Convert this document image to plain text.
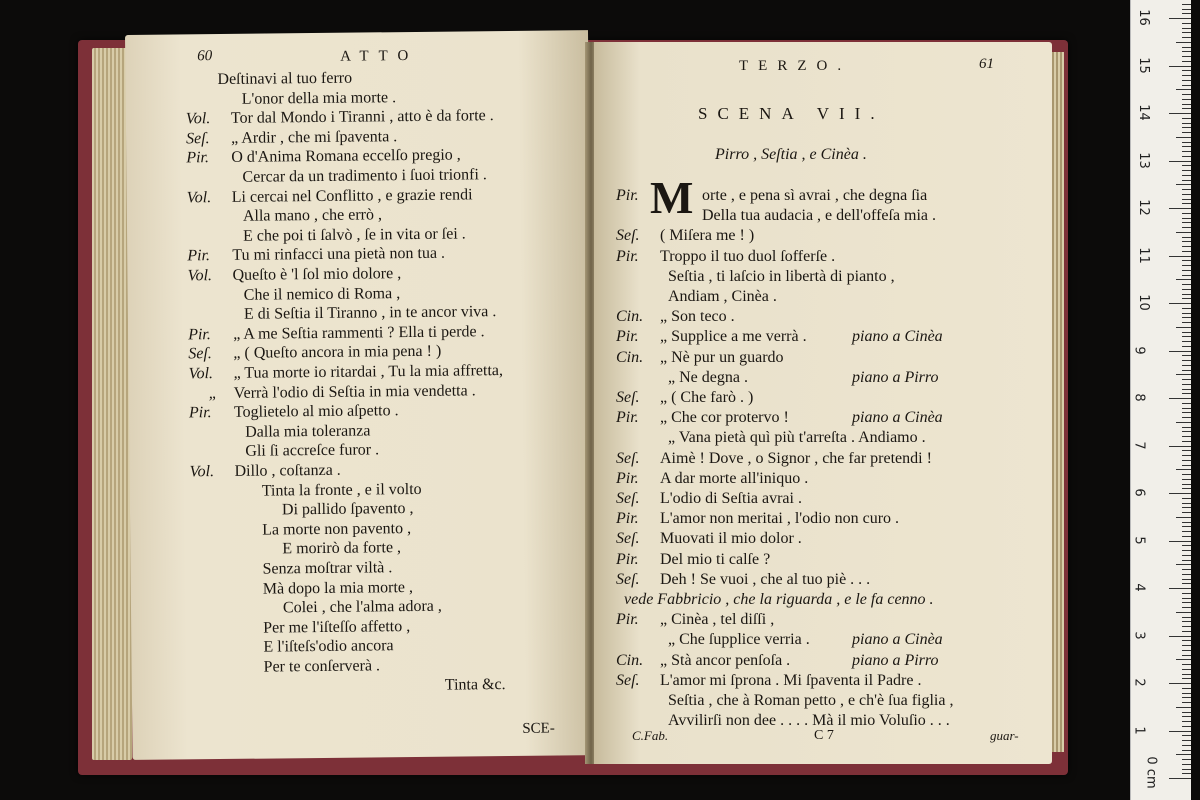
60	ATTO
Deſtinavi al tuo ferro
L'onor della mia morte .
Vol. Tor dal Mondo i Tiranni , atto è da forte .
Seſ. „ Ardir , che mi ſpaventa .
Pir. O d'Anima Romana eccelſo pregio ,
Cercar da un tradimento i ſuoi trionfi .
Vol. Li cercai nel Conflitto , e grazie rendi
Alla mano , che errò ,
E che poi ti ſalvò , ſe in vita or ſei .
Pir. Tu mi rinfacci una pietà non tua .
Vol. Queſto è 'l ſol mio dolore ,
Che il nemico di Roma ,
E di Seſtia il Tiranno , in te ancor viva .
Pir. „ A me Seſtia rammenti ? Ella ti perde .
Seſ. „ ( Queſto ancora in mia pena ! )
Vol. „ Tua morte io ritardai , Tu la mia affretta,
„ Verrà l'odio di Seſtia in mia vendetta .
Pir. Toglietelo al mio aſpetto .
Dalla mia toleranza
Gli ſi accreſce furor .
Vol. Dillo , coſtanza .
Tinta la fronte , e il volto
Di pallido ſpavento ,
La morte non pavento ,
E morirò da forte ,
Senza moſtrar viltà .
Mà dopo la mia morte ,
Colei , che l'alma adora ,
Per me l'iſteſſo affetto ,
E l'iſteſs'odio ancora
Per te conſerverà .
Tinta &c.
SCE-
TERZO.	61
SCENA VII.
Pirro , Seſtia , e Cinèa .
M
Pir.	orte , e pena sì avrai , che degna ſia
Della tua audacia , e dell'offeſa mia .
Seſ. ( Miſera me ! )
Pir. Troppo il tuo duol ſofferſe .
Seſtia , ti laſcio in libertà di pianto ,
Andiam , Cinèa .
Cin. „ Son teco .
Pir. „ Supplice a me verrà .	piano a Cinèa
Cin. „ Nè pur un guardo
„ Ne degna .	piano a Pirro
Seſ. „ ( Che farò . )
Pir. „ Che cor protervo !	piano a Cinèa
„ Vana pietà quì più t'arreſta . Andiamo .
Seſ. Aimè ! Dove , o Signor , che far pretendi !
Pir. A dar morte all'iniquo .
Seſ. L'odio di Seſtia avrai .
Pir. L'amor non meritai , l'odio non curo .
Seſ. Muovati il mio dolor .
Pir. Del mio ti calſe ?
Seſ. Deh ! Se vuoi , che al tuo piè . . .
vede Fabbricio , che la riguarda , e le fa cenno .
Pir. „ Cinèa , tel diſſi ,
„ Che ſupplice verria .	piano a Cinèa
Cin. „ Stà ancor penſoſa .	piano a Pirro
Seſ. L'amor mi ſprona . Mi ſpaventa il Padre .
Seſtia , che à Roman petto , e ch'è ſua figlia ,
Avvilirſi non dee . . . . Mà il mio Voluſio . . .
C.Fab.	C 7	guar-
0 cm
1
2
3
4
5
6
7
8
9
10
11
12
13
14
15
16
